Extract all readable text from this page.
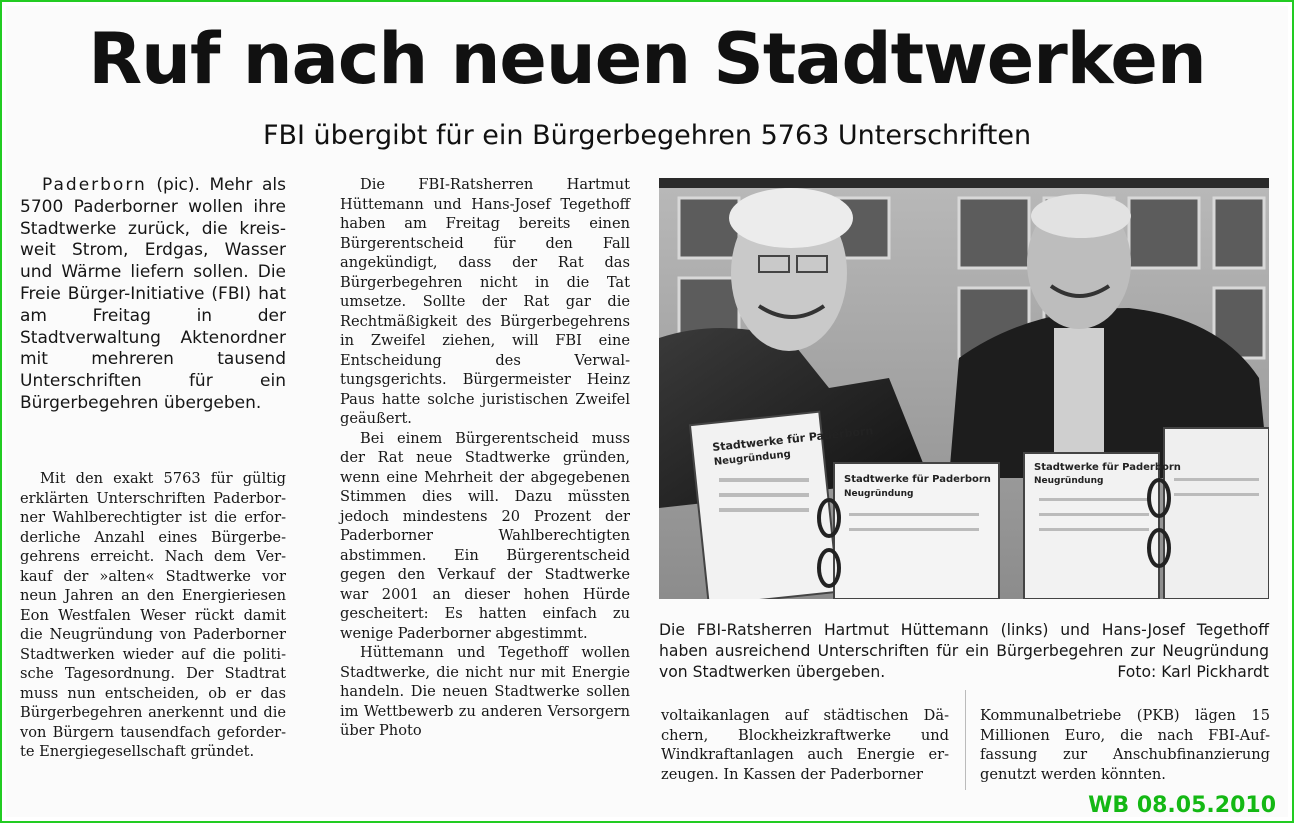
Ruf nach neuen Stadtwerken
FBI übergibt für ein Bürgerbegehren 5763 Unterschriften

Paderborn (pic). Mehr als 5700 Paderborner wollen ihre Stadtwerke zurück, die kreisweit Strom, Erdgas, Wasser und Wärme liefern sollen. Die Freie Bürger-Initiative (FBI) hat am Freitag in der Stadtverwaltung Aktenordner mit mehreren tausend Unterschriften für ein Bürgerbegehren übergeben.

Mit den exakt 5763 für gültig erklärten Unterschriften Paderborner Wahlberechtigter ist die erforderliche Anzahl eines Bürgerbegehrens erreicht. Nach dem Verkauf der »alten« Stadtwerke vor neun Jahren an den Energieriesen Eon Westfalen Weser rückt damit die Neugründung von Paderborner Stadtwerken wieder auf die politische Tagesordnung. Der Stadtrat muss nun entscheiden, ob er das Bürgerbegehren anerkennt und die von Bürgern tausendfach geforderte Energiegesellschaft gründet.

Die FBI-Ratsherren Hartmut Hüttemann und Hans-Josef Tegethoff haben am Freitag bereits einen Bürgerentscheid für den Fall angekündigt, dass der Rat das Bürgerbegehren nicht in die Tat umsetze. Sollte der Rat gar die Rechtmäßigkeit des Bürgerbegehrens in Zweifel ziehen, will FBI eine Entscheidung des Verwaltungsgerichts. Bürgermeister Heinz Paus hatte solche juristischen Zweifel geäußert.

Bei einem Bürgerentscheid muss der Rat neue Stadtwerke gründen, wenn eine Mehrheit der abgegebenen Stimmen dies will. Dazu müssten jedoch mindestens 20 Prozent der Paderborner Wahlberechtigten abstimmen. Ein Bürgerentscheid gegen den Verkauf der Stadtwerke war 2001 an dieser hohen Hürde gescheitert: Es hatten einfach zu wenige Paderborner abgestimmt.

Hüttemann und Tegethoff wollen Stadtwerke, die nicht nur mit Energie handeln. Die neuen Stadtwerke sollen im Wettbewerb zu anderen Versorgern über Photo

Stadtwerke für Paderborn
Neugründung
Stadtwerke für Paderborn
Neugründung
Stadtwerke für Paderborn
Neugründung

Die FBI-Ratsherren Hartmut Hüttemann (links) und Hans-Josef Tegethoff haben ausreichend Unterschriften für ein Bürgerbegehren zur Neugründung von Stadtwerken übergeben.	Foto: Karl Pickhardt

voltaikanlagen auf städtischen Dächern, Blockheizkraftwerke und Windkraftanlagen auch Energie erzeugen. In Kassen der Paderborner

Kommunalbetriebe (PKB) lägen 15 Millionen Euro, die nach FBI-Auffassung zur Anschubfinanzierung genutzt werden könnten.

WB 08.05.2010
